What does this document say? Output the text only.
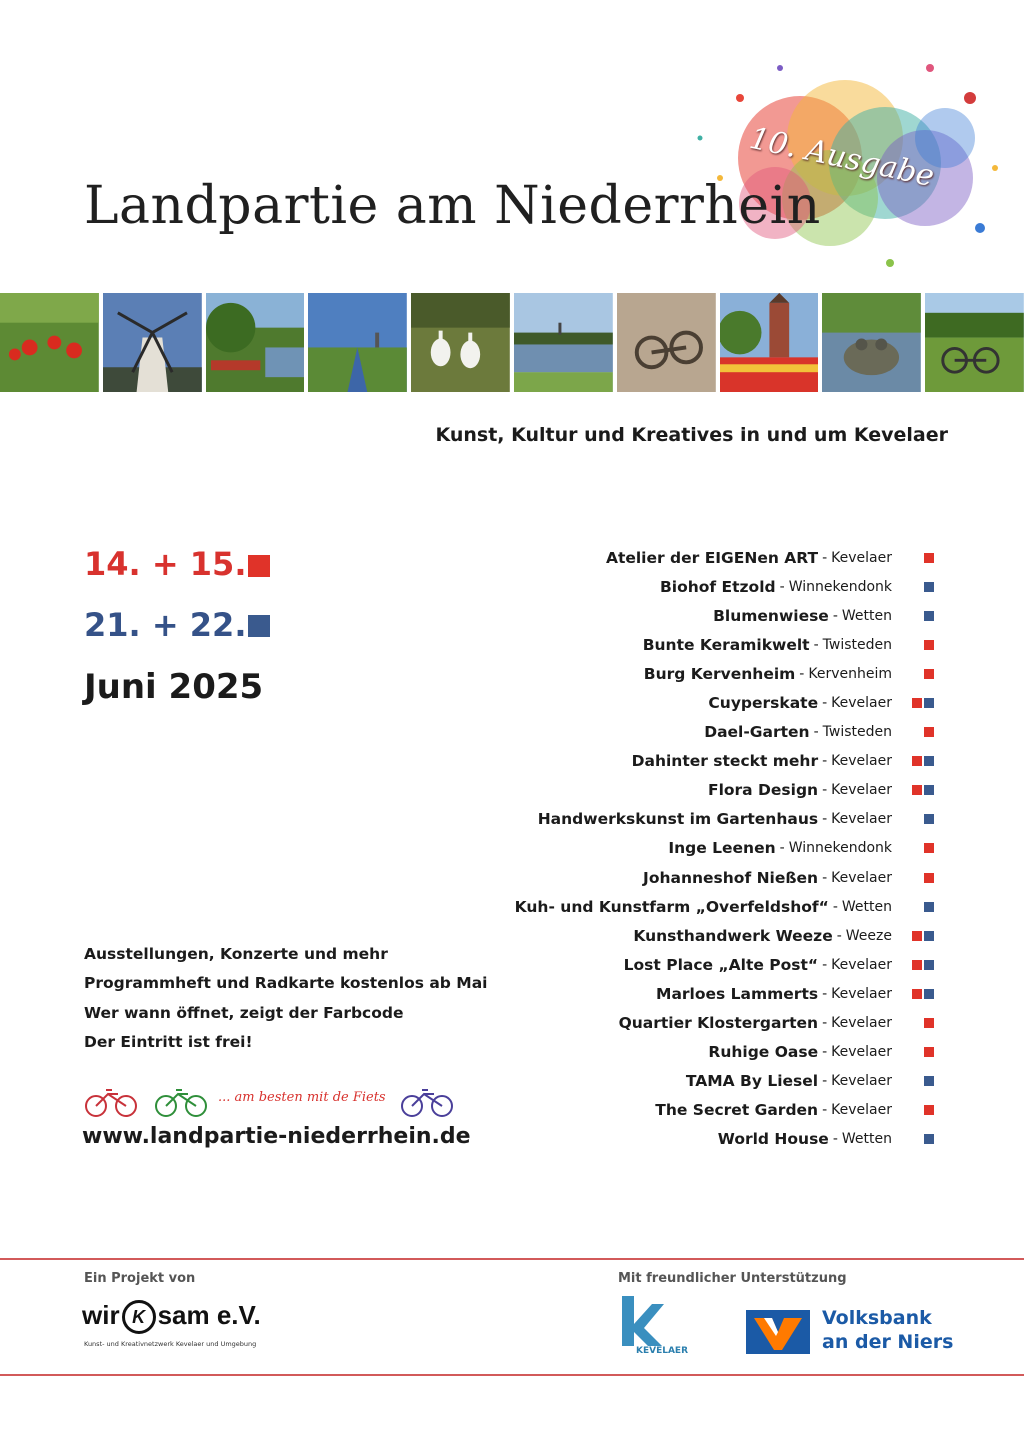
10. Ausgabe
Landpartie am Niederrhein
Kunst, Kultur und Kreatives in und um Kevelaer
14. + 15.
21. + 22.
Juni 2025
Atelier der EIGENen ART - Kevelaer
Biohof Etzold - Winnekendonk
Blumenwiese - Wetten
Bunte Keramikwelt - Twisteden
Burg Kervenheim - Kervenheim
Cuyperskate - Kevelaer
Dael-Garten - Twisteden
Dahinter steckt mehr - Kevelaer
Flora Design - Kevelaer
Handwerkskunst im Gartenhaus - Kevelaer
Inge Leenen - Winnekendonk
Johanneshof Nießen - Kevelaer
Kuh- und Kunstfarm „Overfeldshof“ - Wetten
Kunsthandwerk Weeze - Weeze
Lost Place „Alte Post“ - Kevelaer
Marloes Lammerts - Kevelaer
Quartier Klostergarten - Kevelaer
Ruhige Oase - Kevelaer
TAMA By Liesel - Kevelaer
The Secret Garden - Kevelaer
World House - Wetten
Ausstellungen, Konzerte und mehr
Programmheft und Radkarte kostenlos ab Mai
Wer wann öffnet, zeigt der Farbcode
Der Eintritt ist frei!
... am besten mit de Fiets
www.landpartie-niederrhein.de
Ein Projekt von
wir K sam e.V.
Kunst- und Kreativnetzwerk Kevelaer und Umgebung
Mit freundlicher Unterstützung
KEVELAER
Volksbank
an der Niers
